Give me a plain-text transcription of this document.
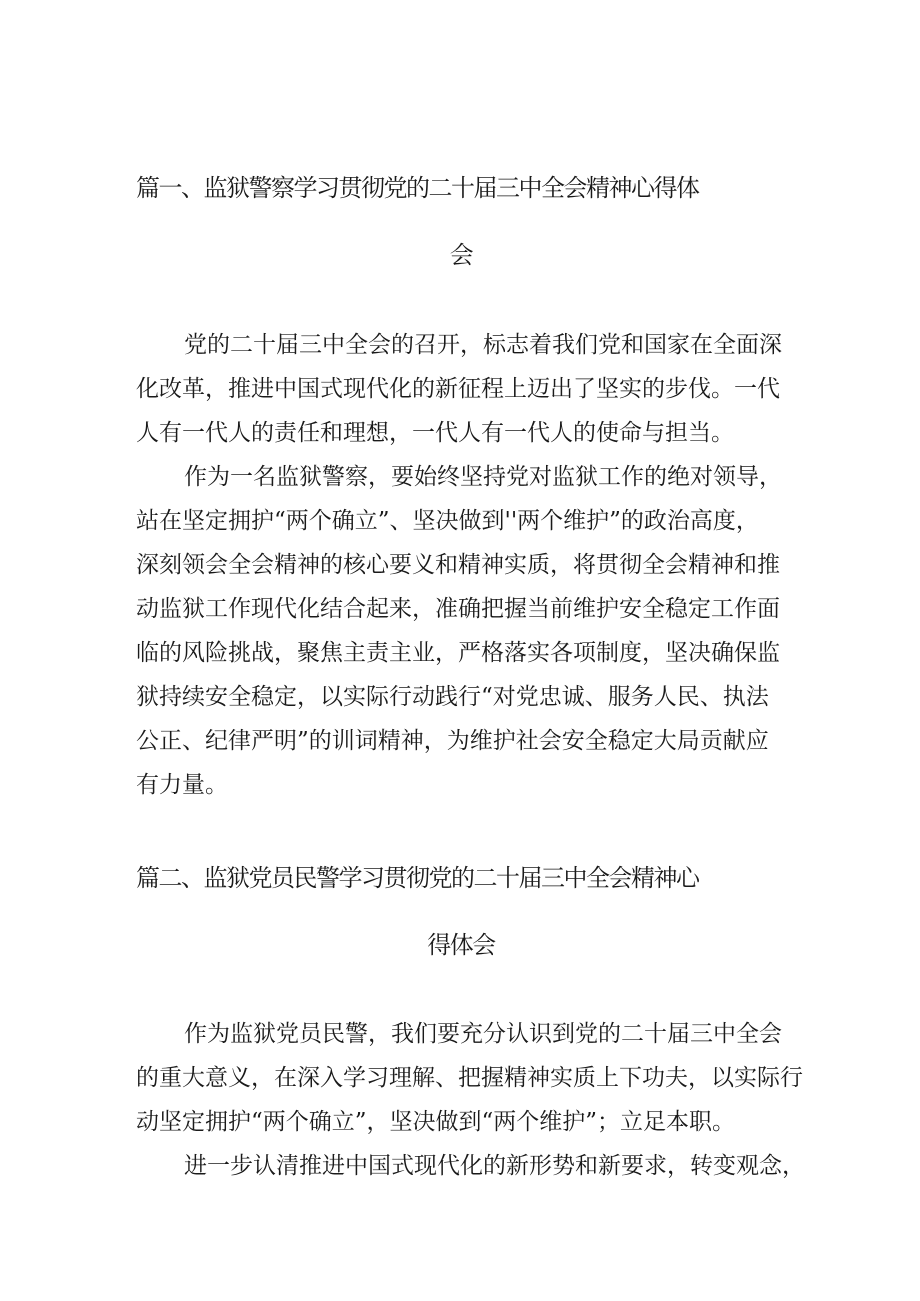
篇一、监狱警察学习贯彻党的二十届三中全会精神心得体
会
党的二十届三中全会的召开，标志着我们党和国家在全面深
化改革，推进中国式现代化的新征程上迈出了坚实的步伐。一代
人有一代人的责任和理想，一代人有一代人的使命与担当。
作为一名监狱警察，要始终坚持党对监狱工作的绝对领导，
站在坚定拥护“两个确立”、坚决做到''两个维护”的政治高度，
深刻领会全会精神的核心要义和精神实质，将贯彻全会精神和推
动监狱工作现代化结合起来，准确把握当前维护安全稳定工作面
临的风险挑战，聚焦主责主业，严格落实各项制度，坚决确保监
狱持续安全稳定，以实际行动践行“对党忠诚、服务人民、执法
公正、纪律严明”的训词精神，为维护社会安全稳定大局贡献应
有力量。
篇二、监狱党员民警学习贯彻党的二十届三中全会精神心
得体会
作为监狱党员民警，我们要充分认识到党的二十届三中全会
的重大意义，在深入学习理解、把握精神实质上下功夫，以实际行
动坚定拥护“两个确立”，坚决做到“两个维护”；立足本职。
进一步认清推进中国式现代化的新形势和新要求，转变观念，
